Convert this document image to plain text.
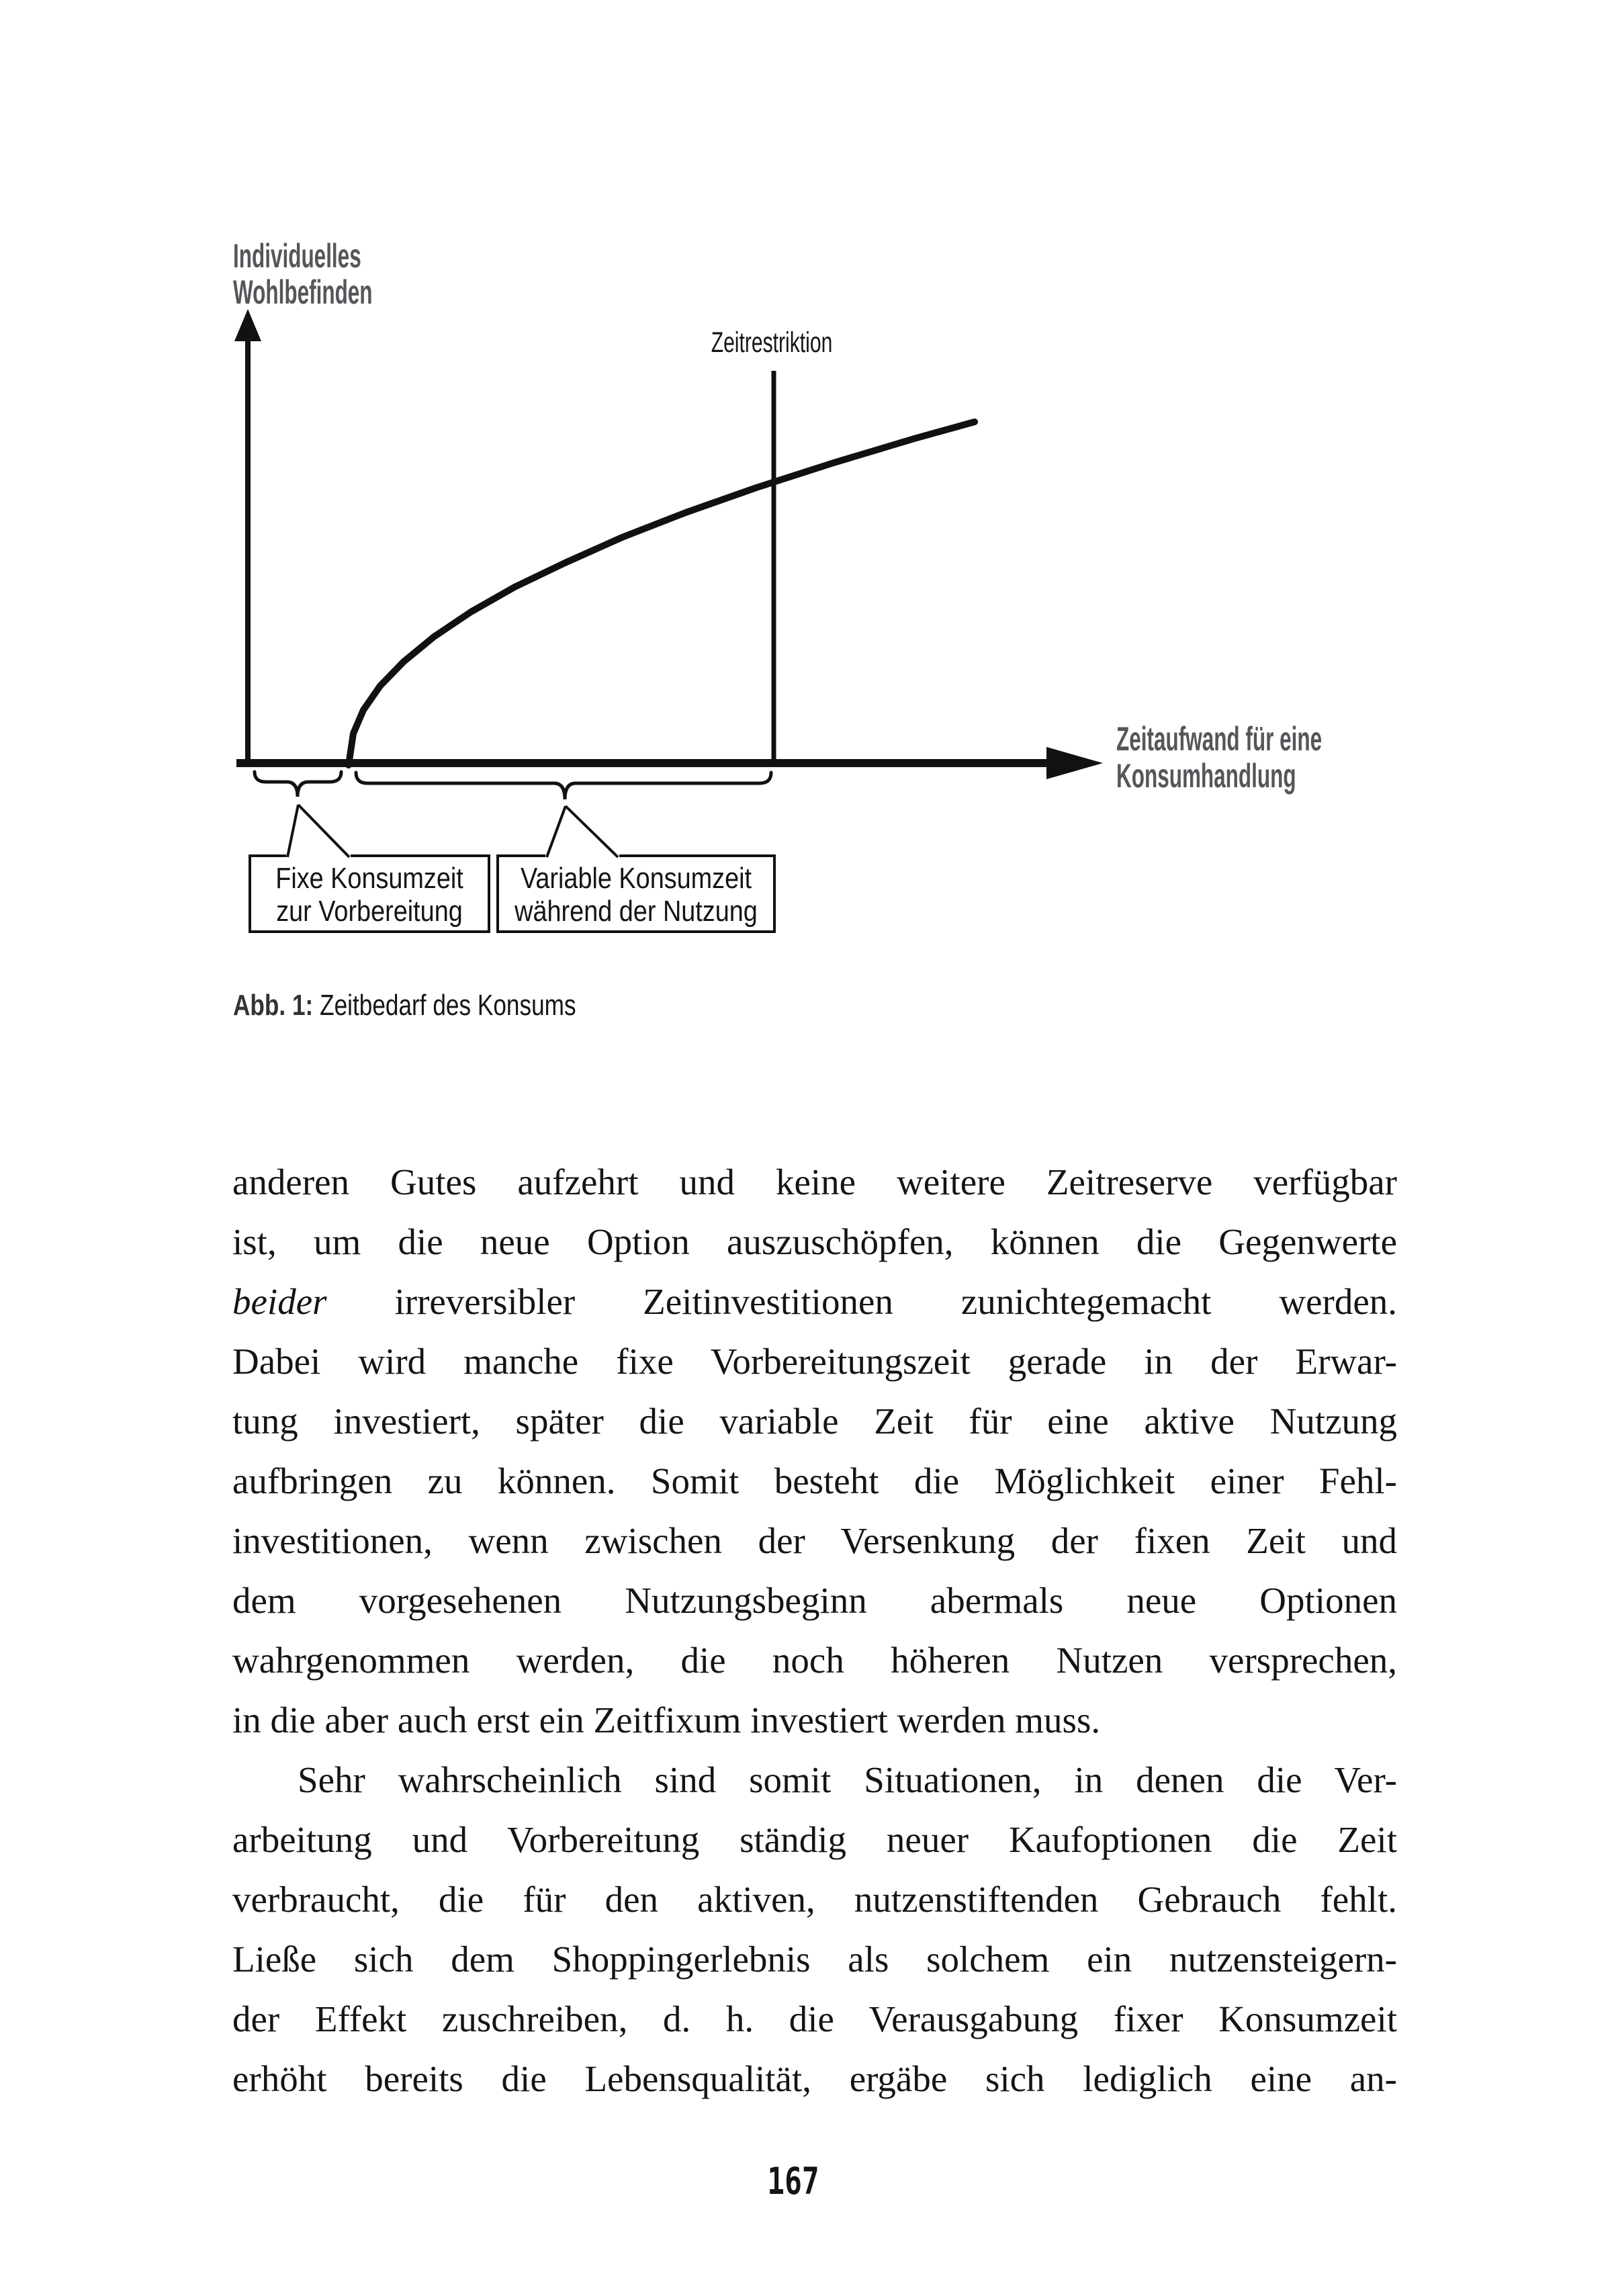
Individuelles
Wohlbefinden
Zeitrestriktion
Zeitaufwand für eine
Konsumhandlung
Fixe Konsumzeit
zur Vorbereitung
Variable Konsumzeit
während der Nutzung
Abb. 1: Zeitbedarf des Konsums
anderen Gutes aufzehrt und keine weitere Zeitreserve verfügbar
ist, um die neue Option auszuschöpfen, können die Gegenwerte
beider irreversibler Zeitinvestitionen zunichtegemacht werden.
Dabei wird manche fixe Vorbereitungszeit gerade in der Erwar-
tung investiert, später die variable Zeit für eine aktive Nutzung
aufbringen zu können. Somit besteht die Möglichkeit einer Fehl-
investitionen, wenn zwischen der Versenkung der fixen Zeit und
dem vorgesehenen Nutzungsbeginn abermals neue Optionen
wahrgenommen werden, die noch höheren Nutzen versprechen,
in die aber auch erst ein Zeitfixum investiert werden muss.
Sehr wahrscheinlich sind somit Situationen, in denen die Ver-
arbeitung und Vorbereitung ständig neuer Kaufoptionen die Zeit
verbraucht, die für den aktiven, nutzenstiftenden Gebrauch fehlt.
Ließe sich dem Shoppingerlebnis als solchem ein nutzensteigern-
der Effekt zuschreiben, d. h. die Verausgabung fixer Konsumzeit
erhöht bereits die Lebensqualität, ergäbe sich lediglich eine an-
167
